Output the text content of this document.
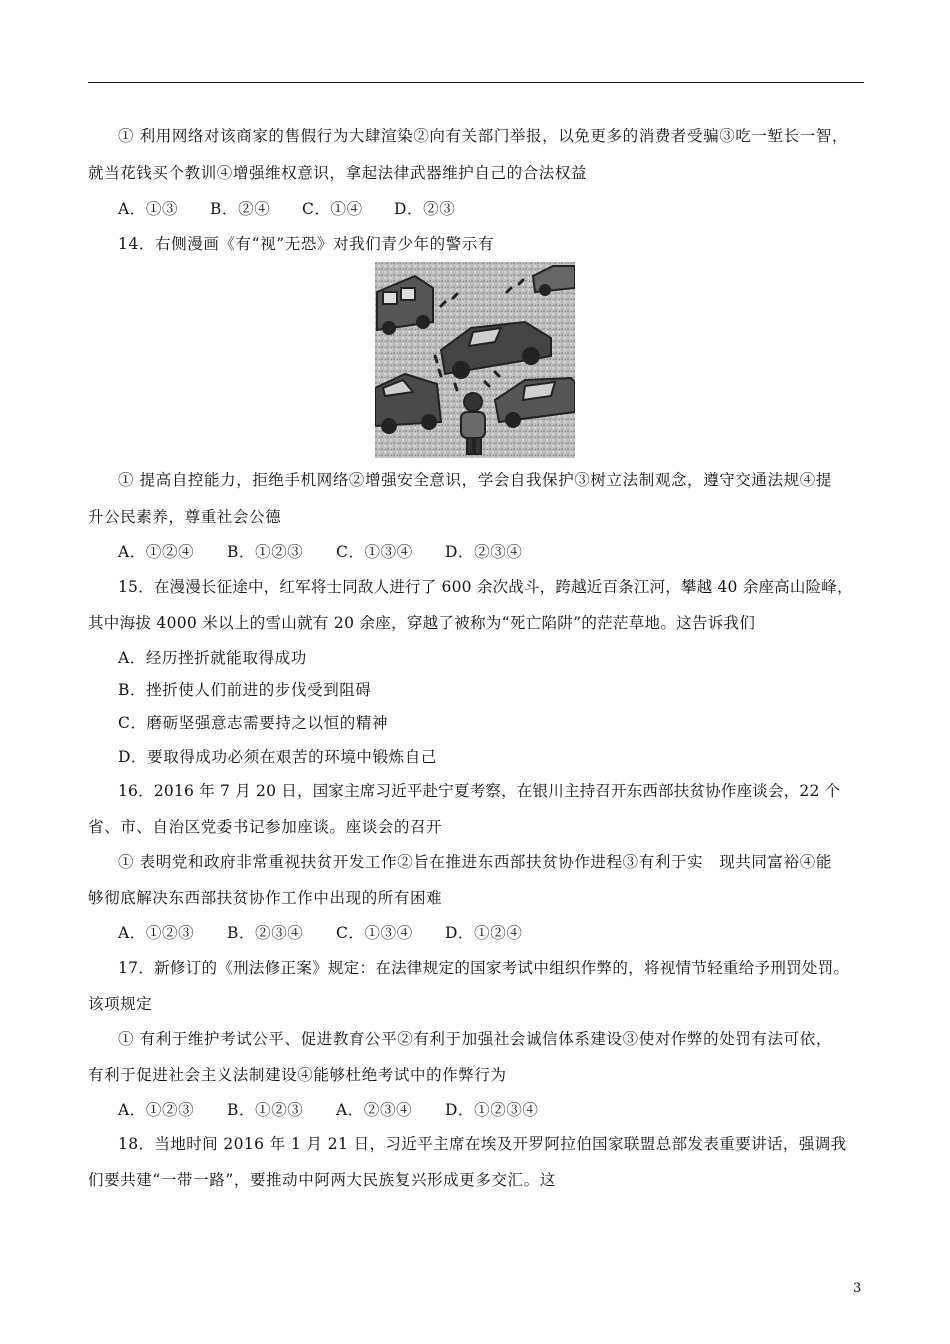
① 利用网络对该商家的售假行为大肆渲染②向有关部门举报，以免更多的消费者受骗③吃一堑长一智，
就当花钱买个教训④增强维权意识，拿起法律武器维护自己的合法权益
A．①③ B．②④ C．①④ D．②③
14．右侧漫画《有“视”无恐》对我们青少年的警示有
① 提高自控能力，拒绝手机网络②增强安全意识，学会自我保护③树立法制观念，遵守交通法规④提
升公民素养，尊重社会公德
A．①②④ B．①②③ C．①③④ D．②③④
15．在漫漫长征途中，红军将士同敌人进行了 600 余次战斗，跨越近百条江河，攀越 40 余座高山险峰，
其中海拔 4000 米以上的雪山就有 20 余座，穿越了被称为“死亡陷阱”的茫茫草地。这告诉我们
A．经历挫折就能取得成功
B．挫折使人们前进的步伐受到阻碍
C．磨砺坚强意志需要持之以恒的精神
D．要取得成功必须在艰苦的环境中锻炼自己
16．2016 年 7 月 20 日，国家主席习近平赴宁夏考察，在银川主持召开东西部扶贫协作座谈会，22 个
省、市、自治区党委书记参加座谈。座谈会的召开
① 表明党和政府非常重视扶贫开发工作②旨在推进东西部扶贫协作进程③有利于实　现共同富裕④能
够彻底解决东西部扶贫协作工作中出现的所有困难
A．①②③ B．②③④ C．①③④ D．①②④
17．新修订的《刑法修正案》规定：在法律规定的国家考试中组织作弊的，将视情节轻重给予刑罚处罚。
该项规定
① 有利于维护考试公平、促进教育公平②有利于加强社会诚信体系建设③使对作弊的处罚有法可依，
有利于促进社会主义法制建设④能够杜绝考试中的作弊行为
A．①②③ B．①②③ A．②③④ D．①②③④
18．当地时间 2016 年 1 月 21 日，习近平主席在埃及开罗阿拉伯国家联盟总部发表重要讲话，强调我
们要共建“一带一路”，要推动中阿两大民族复兴形成更多交汇。这
3
